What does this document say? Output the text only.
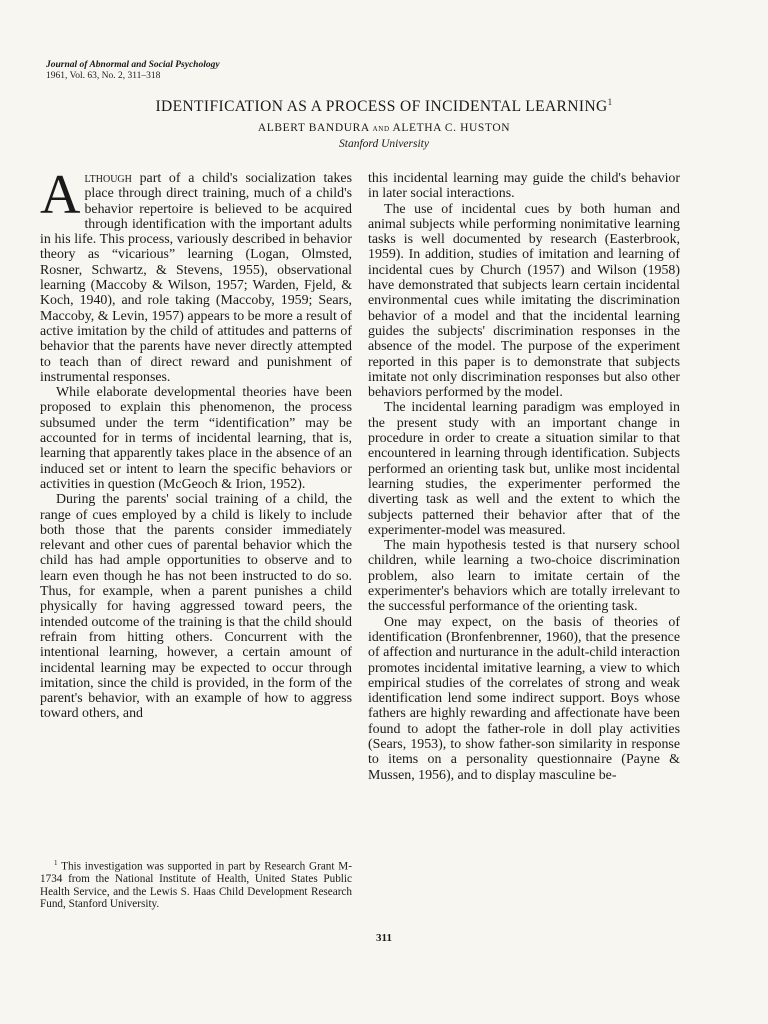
Journal of Abnormal and Social Psychology
1961, Vol. 63, No. 2, 311–318
IDENTIFICATION AS A PROCESS OF INCIDENTAL LEARNING$^1$
ALBERT BANDURA and ALETHA C. HUSTON
Stanford University

Although part of a child's socialization takes place through direct training, much of a child's behavior repertoire is believed to be acquired through identification with the important adults in his life. This process, variously described in behavior theory as “vicarious” learning (Logan, Olmsted, Rosner, Schwartz, & Stevens, 1955), observational learning (Maccoby & Wilson, 1957; Warden, Fjeld, & Koch, 1940), and role taking (Maccoby, 1959; Sears, Maccoby, & Levin, 1957) appears to be more a result of active imitation by the child of attitudes and patterns of behavior that the parents have never directly attempted to teach than of direct reward and punishment of instrumental responses.

While elaborate developmental theories have been proposed to explain this phenomenon, the process subsumed under the term “identification” may be accounted for in terms of incidental learning, that is, learning that apparently takes place in the absence of an induced set or intent to learn the specific behaviors or activities in question (McGeoch & Irion, 1952).

During the parents' social training of a child, the range of cues employed by a child is likely to include both those that the parents consider immediately relevant and other cues of parental behavior which the child has had ample opportunities to observe and to learn even though he has not been instructed to do so. Thus, for example, when a parent punishes a child physically for having aggressed toward peers, the intended outcome of the training is that the child should refrain from hitting others. Concurrent with the intentional learning, however, a certain amount of incidental learning may be expected to occur through imitation, since the child is provided, in the form of the parent's behavior, with an example of how to aggress toward others, and

$^1$ This investigation was supported in part by Research Grant M-1734 from the National Institute of Health, United States Public Health Service, and the Lewis S. Haas Child Development Research Fund, Stanford University.

this incidental learning may guide the child's behavior in later social interactions.

The use of incidental cues by both human and animal subjects while performing nonimitative learning tasks is well documented by research (Easterbrook, 1959). In addition, studies of imitation and learning of incidental cues by Church (1957) and Wilson (1958) have demonstrated that subjects learn certain incidental environmental cues while imitating the discrimination behavior of a model and that the incidental learning guides the subjects' discrimination responses in the absence of the model. The purpose of the experiment reported in this paper is to demonstrate that subjects imitate not only discrimination responses but also other behaviors performed by the model.

The incidental learning paradigm was employed in the present study with an important change in procedure in order to create a situation similar to that encountered in learning through identification. Subjects performed an orienting task but, unlike most incidental learning studies, the experimenter performed the diverting task as well and the extent to which the subjects patterned their behavior after that of the experimenter-model was measured.

The main hypothesis tested is that nursery school children, while learning a two-choice discrimination problem, also learn to imitate certain of the experimenter's behaviors which are totally irrelevant to the successful performance of the orienting task.

One may expect, on the basis of theories of identification (Bronfenbrenner, 1960), that the presence of affection and nurturance in the adult-child interaction promotes incidental imitative learning, a view to which empirical studies of the correlates of strong and weak identification lend some indirect support. Boys whose fathers are highly rewarding and affectionate have been found to adopt the father-role in doll play activities (Sears, 1953), to show father-son similarity in response to items on a personality questionnaire (Payne & Mussen, 1956), and to display masculine be-

311
